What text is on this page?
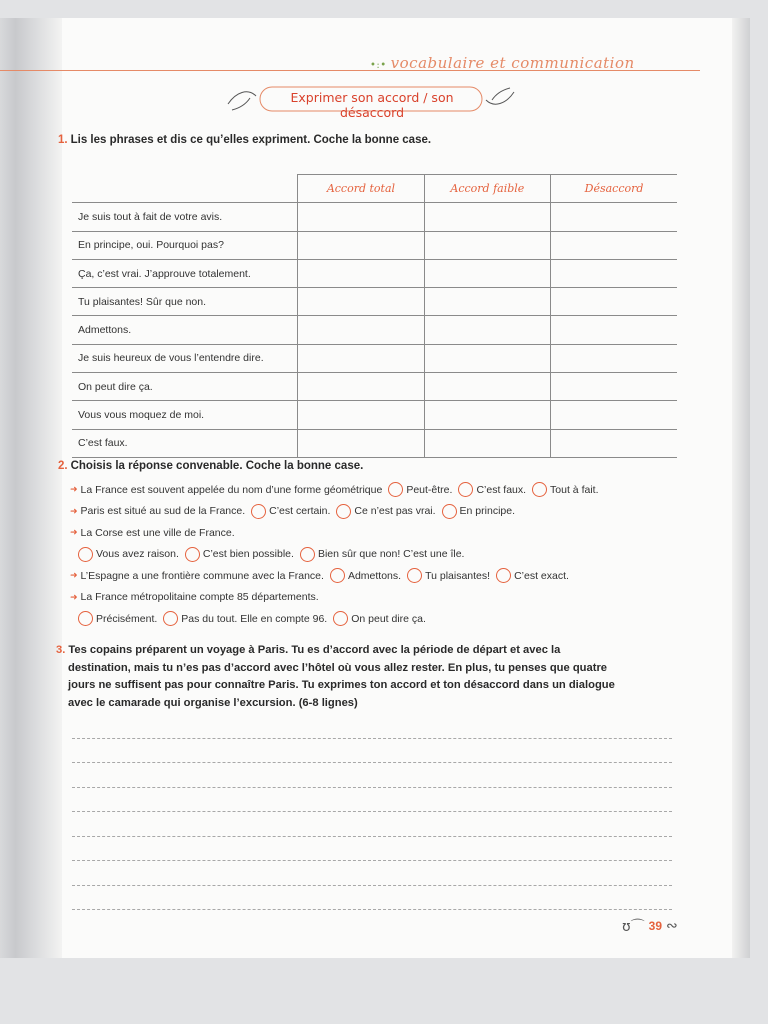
•:• vocabulaire et communication
Exprimer son accord / son désaccord
1. Lis les phrases et dis ce qu’elles expriment. Coche la bonne case.
	Accord total	Accord faible	Désaccord
Je suis tout à fait de votre avis.			
En principe, oui. Pourquoi pas?			
Ça, c’est vrai. J’approuve totalement.			
Tu plaisantes! Sûr que non.			
Admettons.			
Je suis heureux de vous l’entendre dire.			
On peut dire ça.			
Vous vous moquez de moi.			
C’est faux.			
2. Choisis la réponse convenable. Coche la bonne case.
➜ La France est souvent appelée du nom d’une forme géométrique Peut-être. C’est faux. Tout à fait.
➜ Paris est situé au sud de la France. C’est certain. Ce n’est pas vrai. En principe.
➜ La Corse est une ville de France.
Vous avez raison. C’est bien possible. Bien sûr que non! C’est une île.
➜ L’Espagne a une frontière commune avec la France. Admettons. Tu plaisantes! C’est exact.
➜ La France métropolitaine compte 85 départements.
Précisément. Pas du tout. Elle en compte 96. On peut dire ça.
3. Tes copains préparent un voyage à Paris. Tu es d’accord avec la période de départ et avec la
destination, mais tu n’es pas d’accord avec l’hôtel où vous allez rester. En plus, tu penses que quatre
jours ne suffisent pas pour connaître Paris. Tu exprimes ton accord et ton désaccord dans un dialogue
avec le camarade qui organise l’excursion. (6-8 lignes)
ʊ⌒ 39 ∾
